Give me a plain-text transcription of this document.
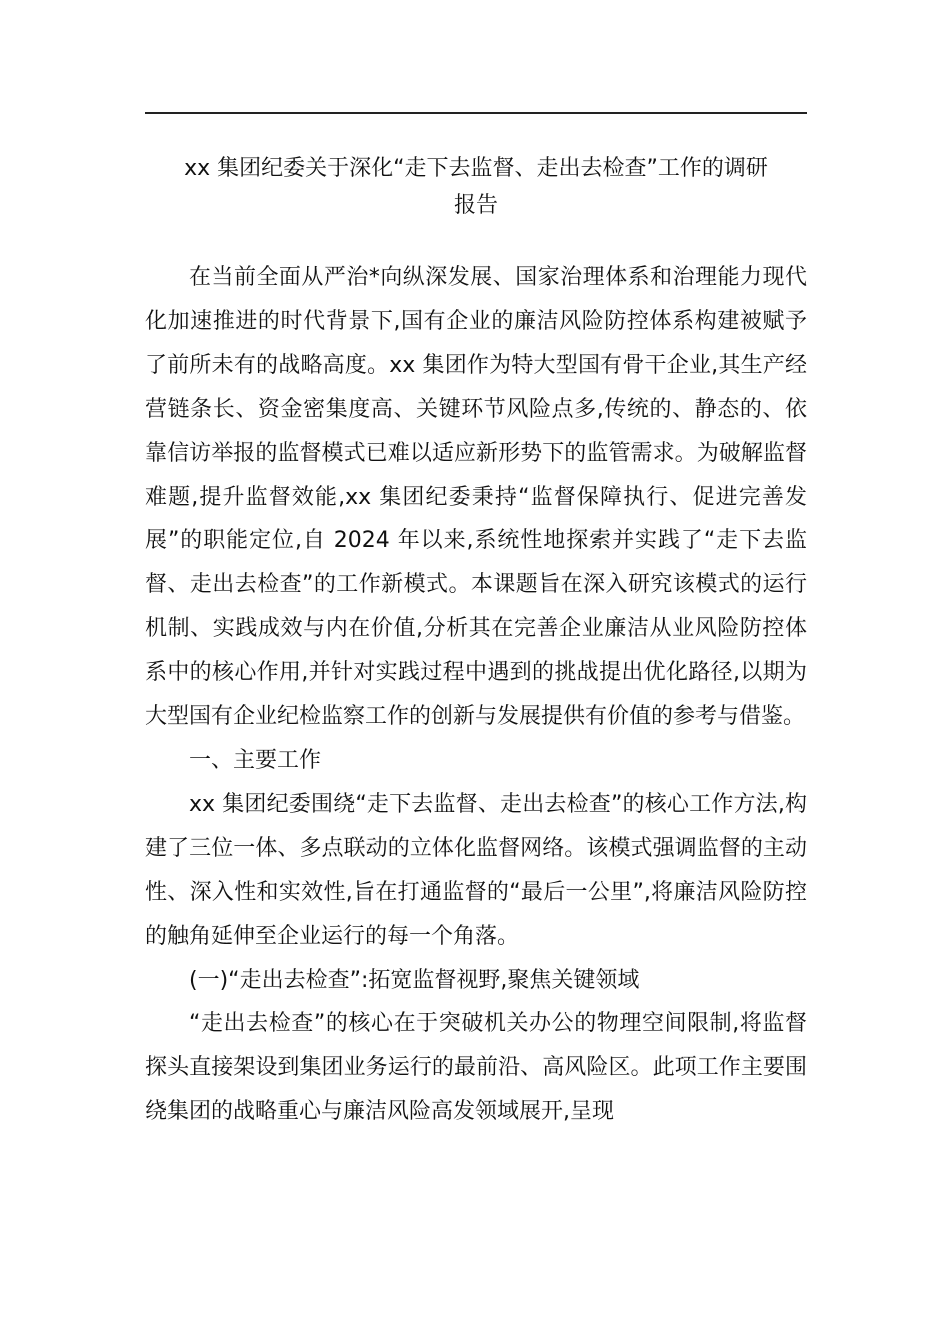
xx 集团纪委关于深化“走下去监督、走出去检查”工作的调研
报告

在当前全面从严治*向纵深发展、国家治理体系和治理能力现代化加速推进的时代背景下,国有企业的廉洁风险防控体系构建被赋予了前所未有的战略高度。xx 集团作为特大型国有骨干企业,其生产经营链条长、资金密集度高、关键环节风险点多,传统的、静态的、依靠信访举报的监督模式已难以适应新形势下的监管需求。为破解监督难题,提升监督效能,xx 集团纪委秉持“监督保障执行、促进完善发展”的职能定位,自 2024 年以来,系统性地探索并实践了“走下去监督、走出去检查”的工作新模式。本课题旨在深入研究该模式的运行机制、实践成效与内在价值,分析其在完善企业廉洁从业风险防控体系中的核心作用,并针对实践过程中遇到的挑战提出优化路径,以期为大型国有企业纪检监察工作的创新与发展提供有价值的参考与借鉴。

一、主要工作

xx 集团纪委围绕“走下去监督、走出去检查”的核心工作方法,构建了三位一体、多点联动的立体化监督网络。该模式强调监督的主动性、深入性和实效性,旨在打通监督的“最后一公里”,将廉洁风险防控的触角延伸至企业运行的每一个角落。

(一)“走出去检查”:拓宽监督视野,聚焦关键领域

“走出去检查”的核心在于突破机关办公的物理空间限制,将监督探头直接架设到集团业务运行的最前沿、高风险区。此项工作主要围绕集团的战略重心与廉洁风险高发领域展开,呈现
